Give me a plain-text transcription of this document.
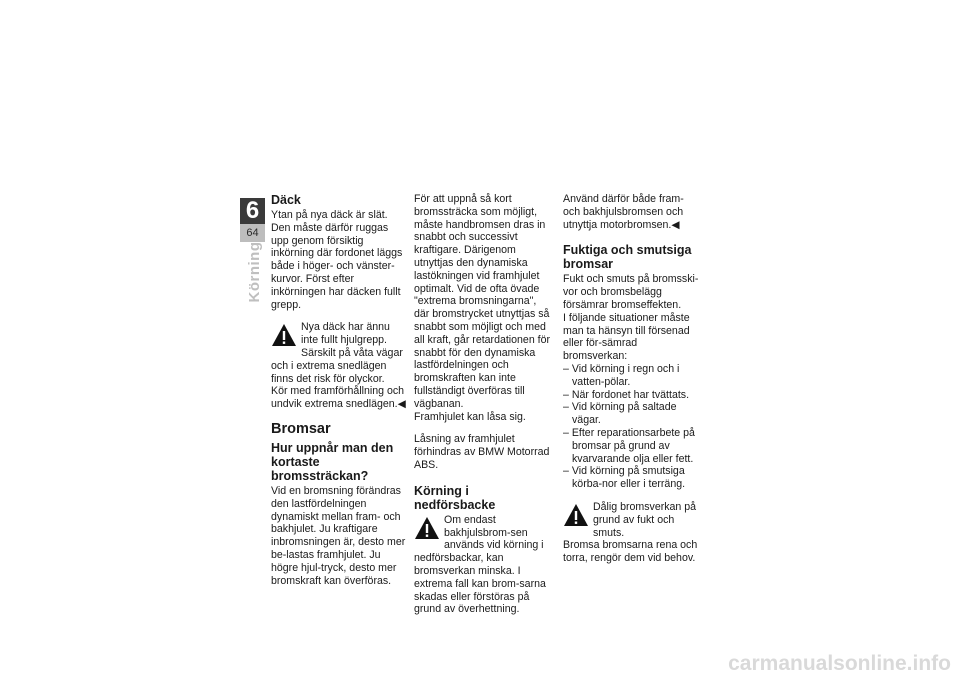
6
64
Körning
Däck

Ytan på nya däck är slät. Den måste därför ruggas upp genom försiktig inkörning där fordonet läggs både i höger- och vänster-kurvor. Först efter inkörningen har däcken fullt grepp.

Nya däck har ännu inte fullt hjulgrepp. Särskilt på våta vägar och i extrema snedlägen finns det risk för olyckor.

Kör med framförhållning och undvik extrema snedlägen.◀

Bromsar
Hur uppnår man den kortaste bromssträckan?

Vid en bromsning förändras den lastfördelningen dynamiskt mellan fram- och bakhjulet. Ju kraftigare inbromsningen är, desto mer be-lastas framhjulet. Ju högre hjul-tryck, desto mer bromskraft kan överföras.

För att uppnå så kort bromssträcka som möjligt, måste handbromsen dras in snabbt och successivt kraftigare. Därigenom utnyttjas den dynamiska lastökningen vid framhjulet optimalt. Vid de ofta övade "extrema bromsningarna", där bromstrycket utnyttjas så snabbt som möjligt och med all kraft, går retardationen för snabbt för den dynamiska lastfördelningen och bromskraften kan inte fullständigt överföras till vägbanan.

Framhjulet kan låsa sig.

Låsning av framhjulet förhindras av BMW Motorrad ABS.

Körning i nedförsbacke

Om endast bakhjulsbrom-sen används vid körning i nedförsbackar, kan bromsverkan minska. I extrema fall kan brom-sarna skadas eller förstöras på grund av överhettning.

Använd därför både fram- och bakhjulsbromsen och utnyttja motorbromsen.◀

Fuktiga och smutsiga bromsar

Fukt och smuts på bromsski-vor och bromsbelägg försämrar bromseffekten.

I följande situationer måste man ta hänsyn till försenad eller för-sämrad bromsverkan:

– Vid körning i regn och i vatten-pölar.
– När fordonet har tvättats.
– Vid körning på saltade vägar.
– Efter reparationsarbete på bromsar på grund av kvarvarande olja eller fett.
– Vid körning på smutsiga körba-nor eller i terräng.

Dålig bromsverkan på grund av fukt och smuts.

Bromsa bromsarna rena och torra, rengör dem vid behov.

carmanualsonline.info
